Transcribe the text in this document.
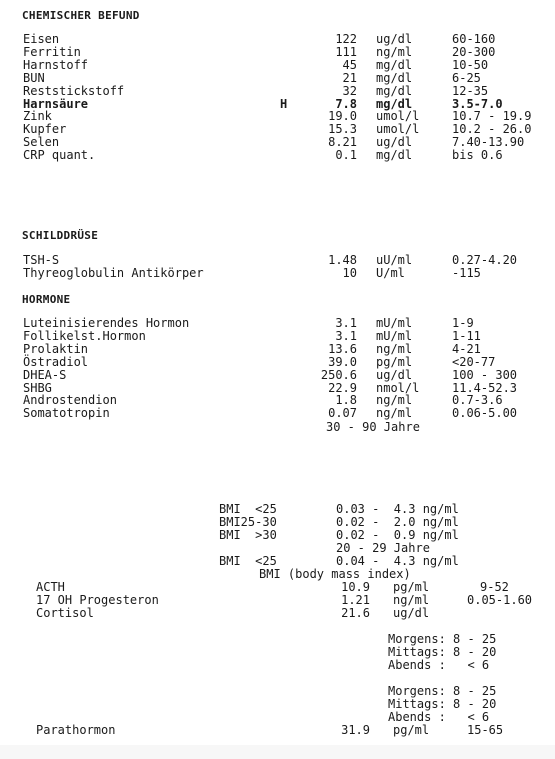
CHEMISCHER BEFUND
Eisen	122 ug/dl	60-160
Ferritin	111 ng/ml	20-300
Harnstoff	45 mg/dl	10-50
BUN	21 mg/dl	6-25
Reststickstoff	32 mg/dl	12-35
Harnsäure	H	7.8 mg/dl	3.5-7.0
Zink	19.0 umol/l	10.7 - 19.9
Kupfer	15.3 umol/l	10.2 - 26.0
Selen	8.21 ug/dl	7.40-13.90
CRP quant.	0.1 mg/dl	bis 0.6
SCHILDDRÜSE
TSH-S	1.48 uU/ml	0.27-4.20
Thyreoglobulin Antikörper	10 U/ml	-115
HORMONE
Luteinisierendes Hormon	3.1 mU/ml	1-9
Follikelst.Hormon	3.1 mU/ml	1-11
Prolaktin	13.6 ng/ml	4-21
Östradiol	39.0 pg/ml	<20-77
DHEA-S	250.6 ug/dl	100 - 300
SHBG	22.9 nmol/l	11.4-52.3
Androstendion	1.8 ng/ml	0.7-3.6
Somatotropin	0.07 ng/ml	0.06-5.00
30 - 90 Jahre
BMI  <25	0.03 -  4.3 ng/ml
BMI25-30	0.02 -  2.0 ng/ml
BMI  >30	0.02 -  0.9 ng/ml
20 - 29 Jahre
BMI  <25	0.04 -  4.3 ng/ml
BMI (body mass index)
ACTH	10.9 pg/ml	9-52
17 OH Progesteron	1.21 ng/ml	0.05-1.60
Cortisol	21.6 ug/dl
Morgens: 8 - 25
Mittags: 8 - 20
Abends :   < 6
Morgens: 8 - 25
Mittags: 8 - 20
Abends :   < 6
Parathormon	31.9 pg/ml	15-65
